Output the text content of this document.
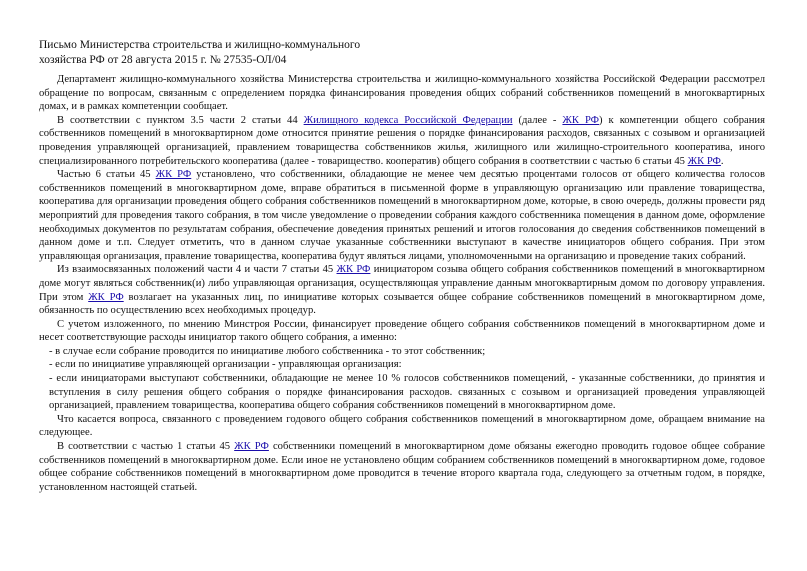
Письмо Министерства строительства и жилищно-коммунального
хозяйства РФ от 28 августа 2015 г. № 27535-ОЛ/04

Департамент жилищно-коммунального хозяйства Министерства строительства и жилищно-коммунального хозяйства Российской Федерации рассмотрел обращение по вопросам, связанным с определением порядка финансирования проведения общих собраний собственников помещений в многоквартирных домах, и в рамках компетенции сообщает.

В соответствии с пунктом 3.5 части 2 статьи 44 Жилищного кодекса Российской Федерации (далее - ЖК РФ) к компетенции общего собрания собственников помещений в многоквартирном доме относится принятие решения о порядке финансирования расходов, связанных с созывом и организацией проведения управляющей организацией, правлением товарищества собственников жилья, жилищного или жилищно-строительного кооператива, иного специализированного потребительского кооператива (далее - товарищество. кооператив) общего собрания в соответствии с частью 6 статьи 45 ЖК РФ.

Частью 6 статьи 45 ЖК РФ установлено, что собственники, обладающие не менее чем десятью процентами голосов от общего количества голосов собственников помещений в многоквартирном доме, вправе обратиться в письменной форме в управляющую организацию или правление товарищества, кооператива для организации проведения общего собрания собственников помещений в многоквартирном доме, которые, в свою очередь, должны провести ряд мероприятий для проведения такого собрания, в том числе уведомление о проведении собрания каждого собственника помещения в данном доме, оформление необходимых документов по результатам собрания, обеспечение доведения принятых решений и итогов голосования до сведения собственников помещений в данном доме и т.п. Следует отметить, что в данном случае указанные собственники выступают в качестве инициаторов общего собрания. При этом управляющая организация, правление товарищества, кооператива будут являться лицами, уполномоченными на организацию и проведение таких собраний.

Из взаимосвязанных положений части 4 и части 7 статьи 45 ЖК РФ инициатором созыва общего собрания собственников помещений в многоквартирном доме могут являться собственник(и) либо управляющая организация, осуществляющая управление данным многоквартирным домом по договору управления. При этом ЖК РФ возлагает на указанных лиц, по инициативе которых созывается общее собрание собственников помещений в многоквартирном доме, обязанность по осуществлению всех необходимых процедур.

С учетом изложенного, по мнению Минстроя России, финансирует проведение общего собрания собственников помещений в многоквартирном доме и несет соответствующие расходы инициатор такого общего собрания, а именно:

- в случае если собрание проводится по инициативе любого собственника - то этот собственник;

- если по инициативе управляющей организации - управляющая организация:

- если инициаторами выступают собственники, обладающие не менее 10 % голосов собственников помещений, - указанные собственники, до принятия и вступления в силу решения общего собрания о порядке финансирования расходов. связанных с созывом и организацией проведения управляющей организацией, правлением товарищества, кооператива общего собрания собственников помещений в многоквартирном доме.

Что касается вопроса, связанного с проведением годового общего собрания собственников помещений в многоквартирном доме, обращаем внимание на следующее.

В соответствии с частью 1 статьи 45 ЖК РФ собственники помещений в многоквартирном доме обязаны ежегодно проводить годовое общее собрание собственников помещений в многоквартирном доме. Если иное не установлено общим собранием собственников помещений в многоквартирном доме, годовое общее собрание собственников помещений в многоквартирном доме проводится в течение второго квартала года, следующего за отчетным годом, в порядке, установленном настоящей статьей.
